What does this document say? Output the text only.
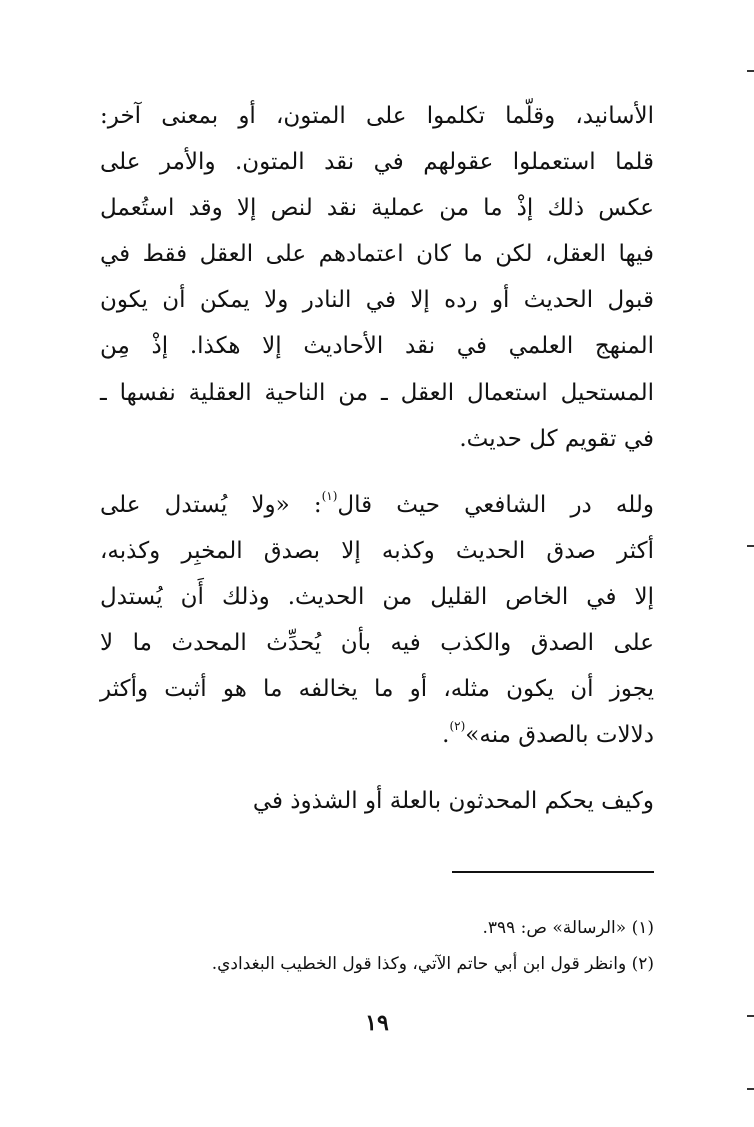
الأسانيد، وقلّما تكلموا على المتون، أو بمعنى آخر:
قلما استعملوا عقولهم في نقد المتون. والأمر على
عكس ذلك إذْ ما من عملية نقد لنص إلا وقد استُعمل
فيها العقل، لكن ما كان اعتمادهم على العقل فقط في
قبول الحديث أو رده إلا في النادر ولا يمكن أن يكون
المنهج العلمي في نقد الأحاديث إلا هكذا. إذْ مِن
المستحيل استعمال العقل ـ من الناحية العقلية نفسها ـ
في تقويم كل حديث.
ولله در الشافعي حيث قال$^{(١)}$: «ولا يُستدل على
أكثر صدق الحديث وكذبه إلا بصدق المخبِر وكذبه،
إلا في الخاص القليل من الحديث. وذلك أَن يُستدل
على الصدق والكذب فيه بأن يُحدِّث المحدث ما لا
يجوز أن يكون مثله، أو ما يخالفه ما هو أثبت وأكثر
دلالات بالصدق منه»$^{(٢)}$.
وكيف يحكم المحدثون بالعلة أو الشذوذ في
(١) «الرسالة» ص: ٣٩٩.
(٢) وانظر قول ابن أبي حاتم الآتي، وكذا قول الخطيب البغدادي.
١٩
